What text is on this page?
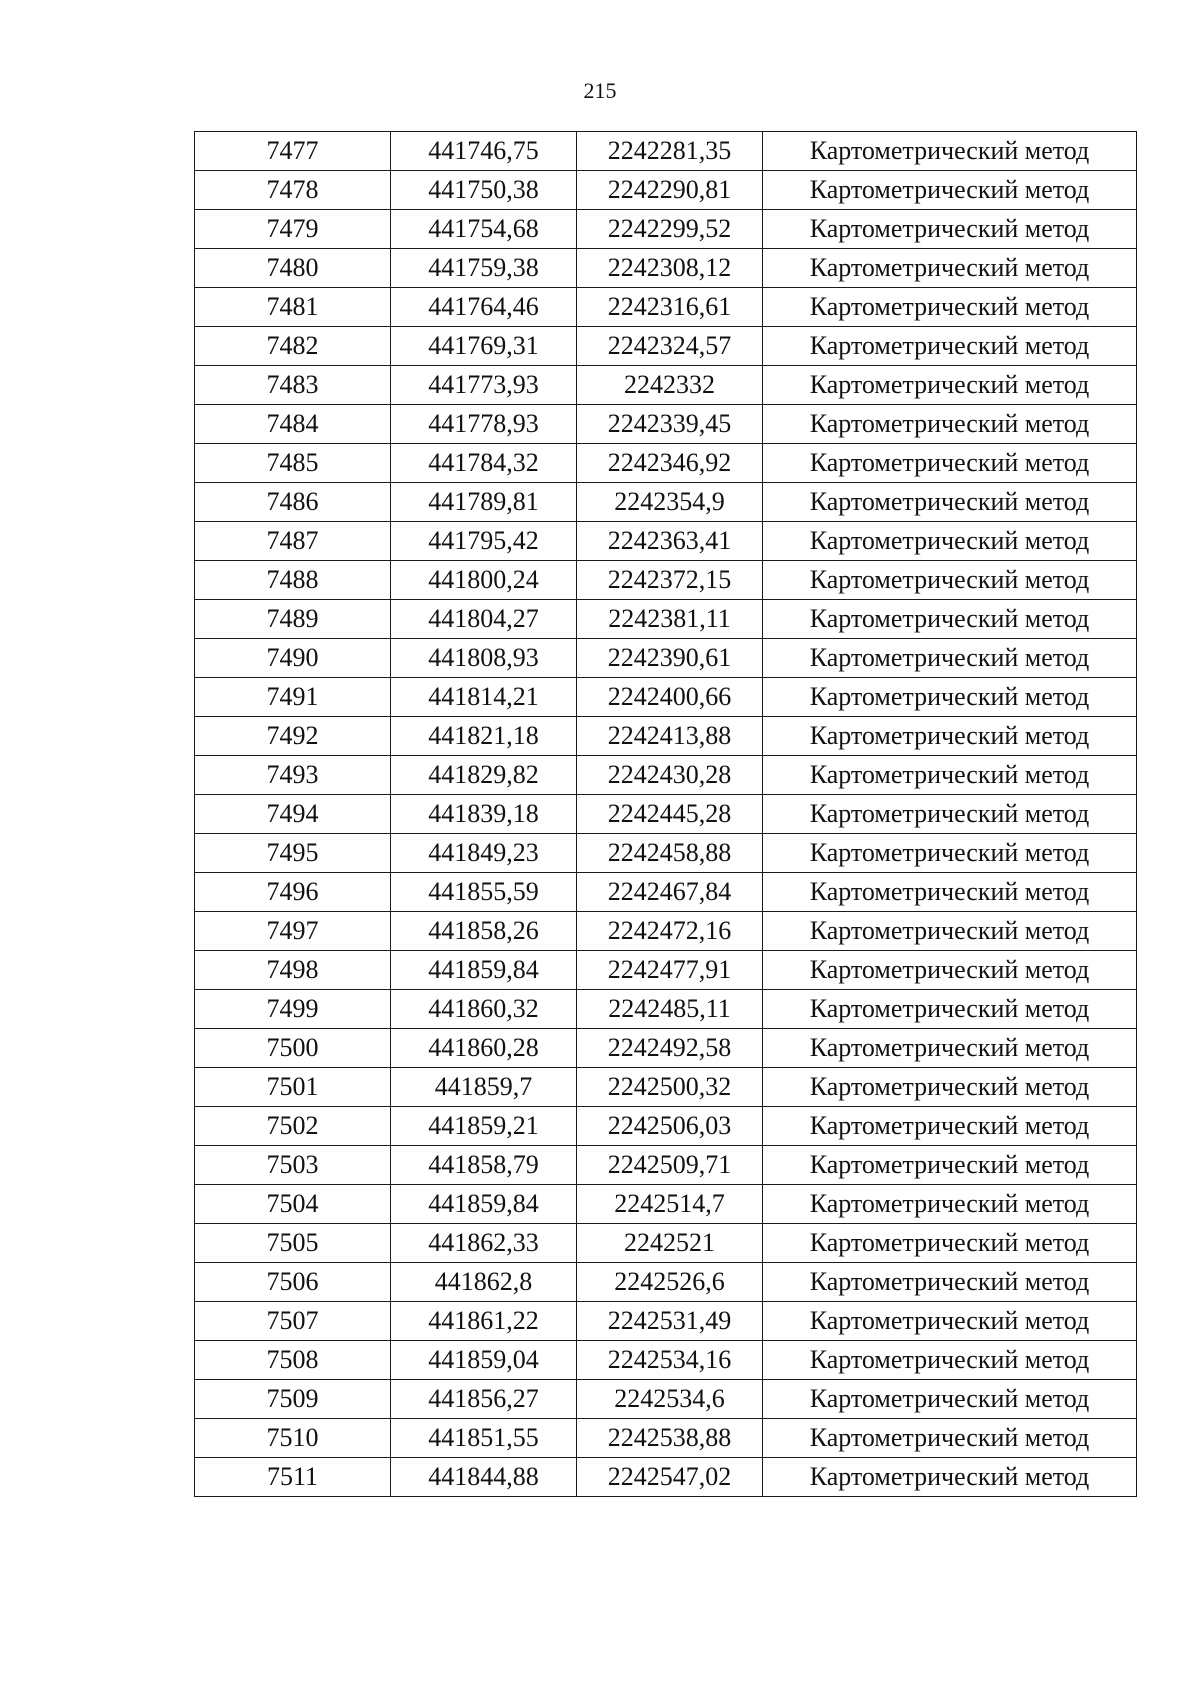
215
7477	441746,75	2242281,35	Картометрический метод
7478	441750,38	2242290,81	Картометрический метод
7479	441754,68	2242299,52	Картометрический метод
7480	441759,38	2242308,12	Картометрический метод
7481	441764,46	2242316,61	Картометрический метод
7482	441769,31	2242324,57	Картометрический метод
7483	441773,93	2242332	Картометрический метод
7484	441778,93	2242339,45	Картометрический метод
7485	441784,32	2242346,92	Картометрический метод
7486	441789,81	2242354,9	Картометрический метод
7487	441795,42	2242363,41	Картометрический метод
7488	441800,24	2242372,15	Картометрический метод
7489	441804,27	2242381,11	Картометрический метод
7490	441808,93	2242390,61	Картометрический метод
7491	441814,21	2242400,66	Картометрический метод
7492	441821,18	2242413,88	Картометрический метод
7493	441829,82	2242430,28	Картометрический метод
7494	441839,18	2242445,28	Картометрический метод
7495	441849,23	2242458,88	Картометрический метод
7496	441855,59	2242467,84	Картометрический метод
7497	441858,26	2242472,16	Картометрический метод
7498	441859,84	2242477,91	Картометрический метод
7499	441860,32	2242485,11	Картометрический метод
7500	441860,28	2242492,58	Картометрический метод
7501	441859,7	2242500,32	Картометрический метод
7502	441859,21	2242506,03	Картометрический метод
7503	441858,79	2242509,71	Картометрический метод
7504	441859,84	2242514,7	Картометрический метод
7505	441862,33	2242521	Картометрический метод
7506	441862,8	2242526,6	Картометрический метод
7507	441861,22	2242531,49	Картометрический метод
7508	441859,04	2242534,16	Картометрический метод
7509	441856,27	2242534,6	Картометрический метод
7510	441851,55	2242538,88	Картометрический метод
7511	441844,88	2242547,02	Картометрический метод
